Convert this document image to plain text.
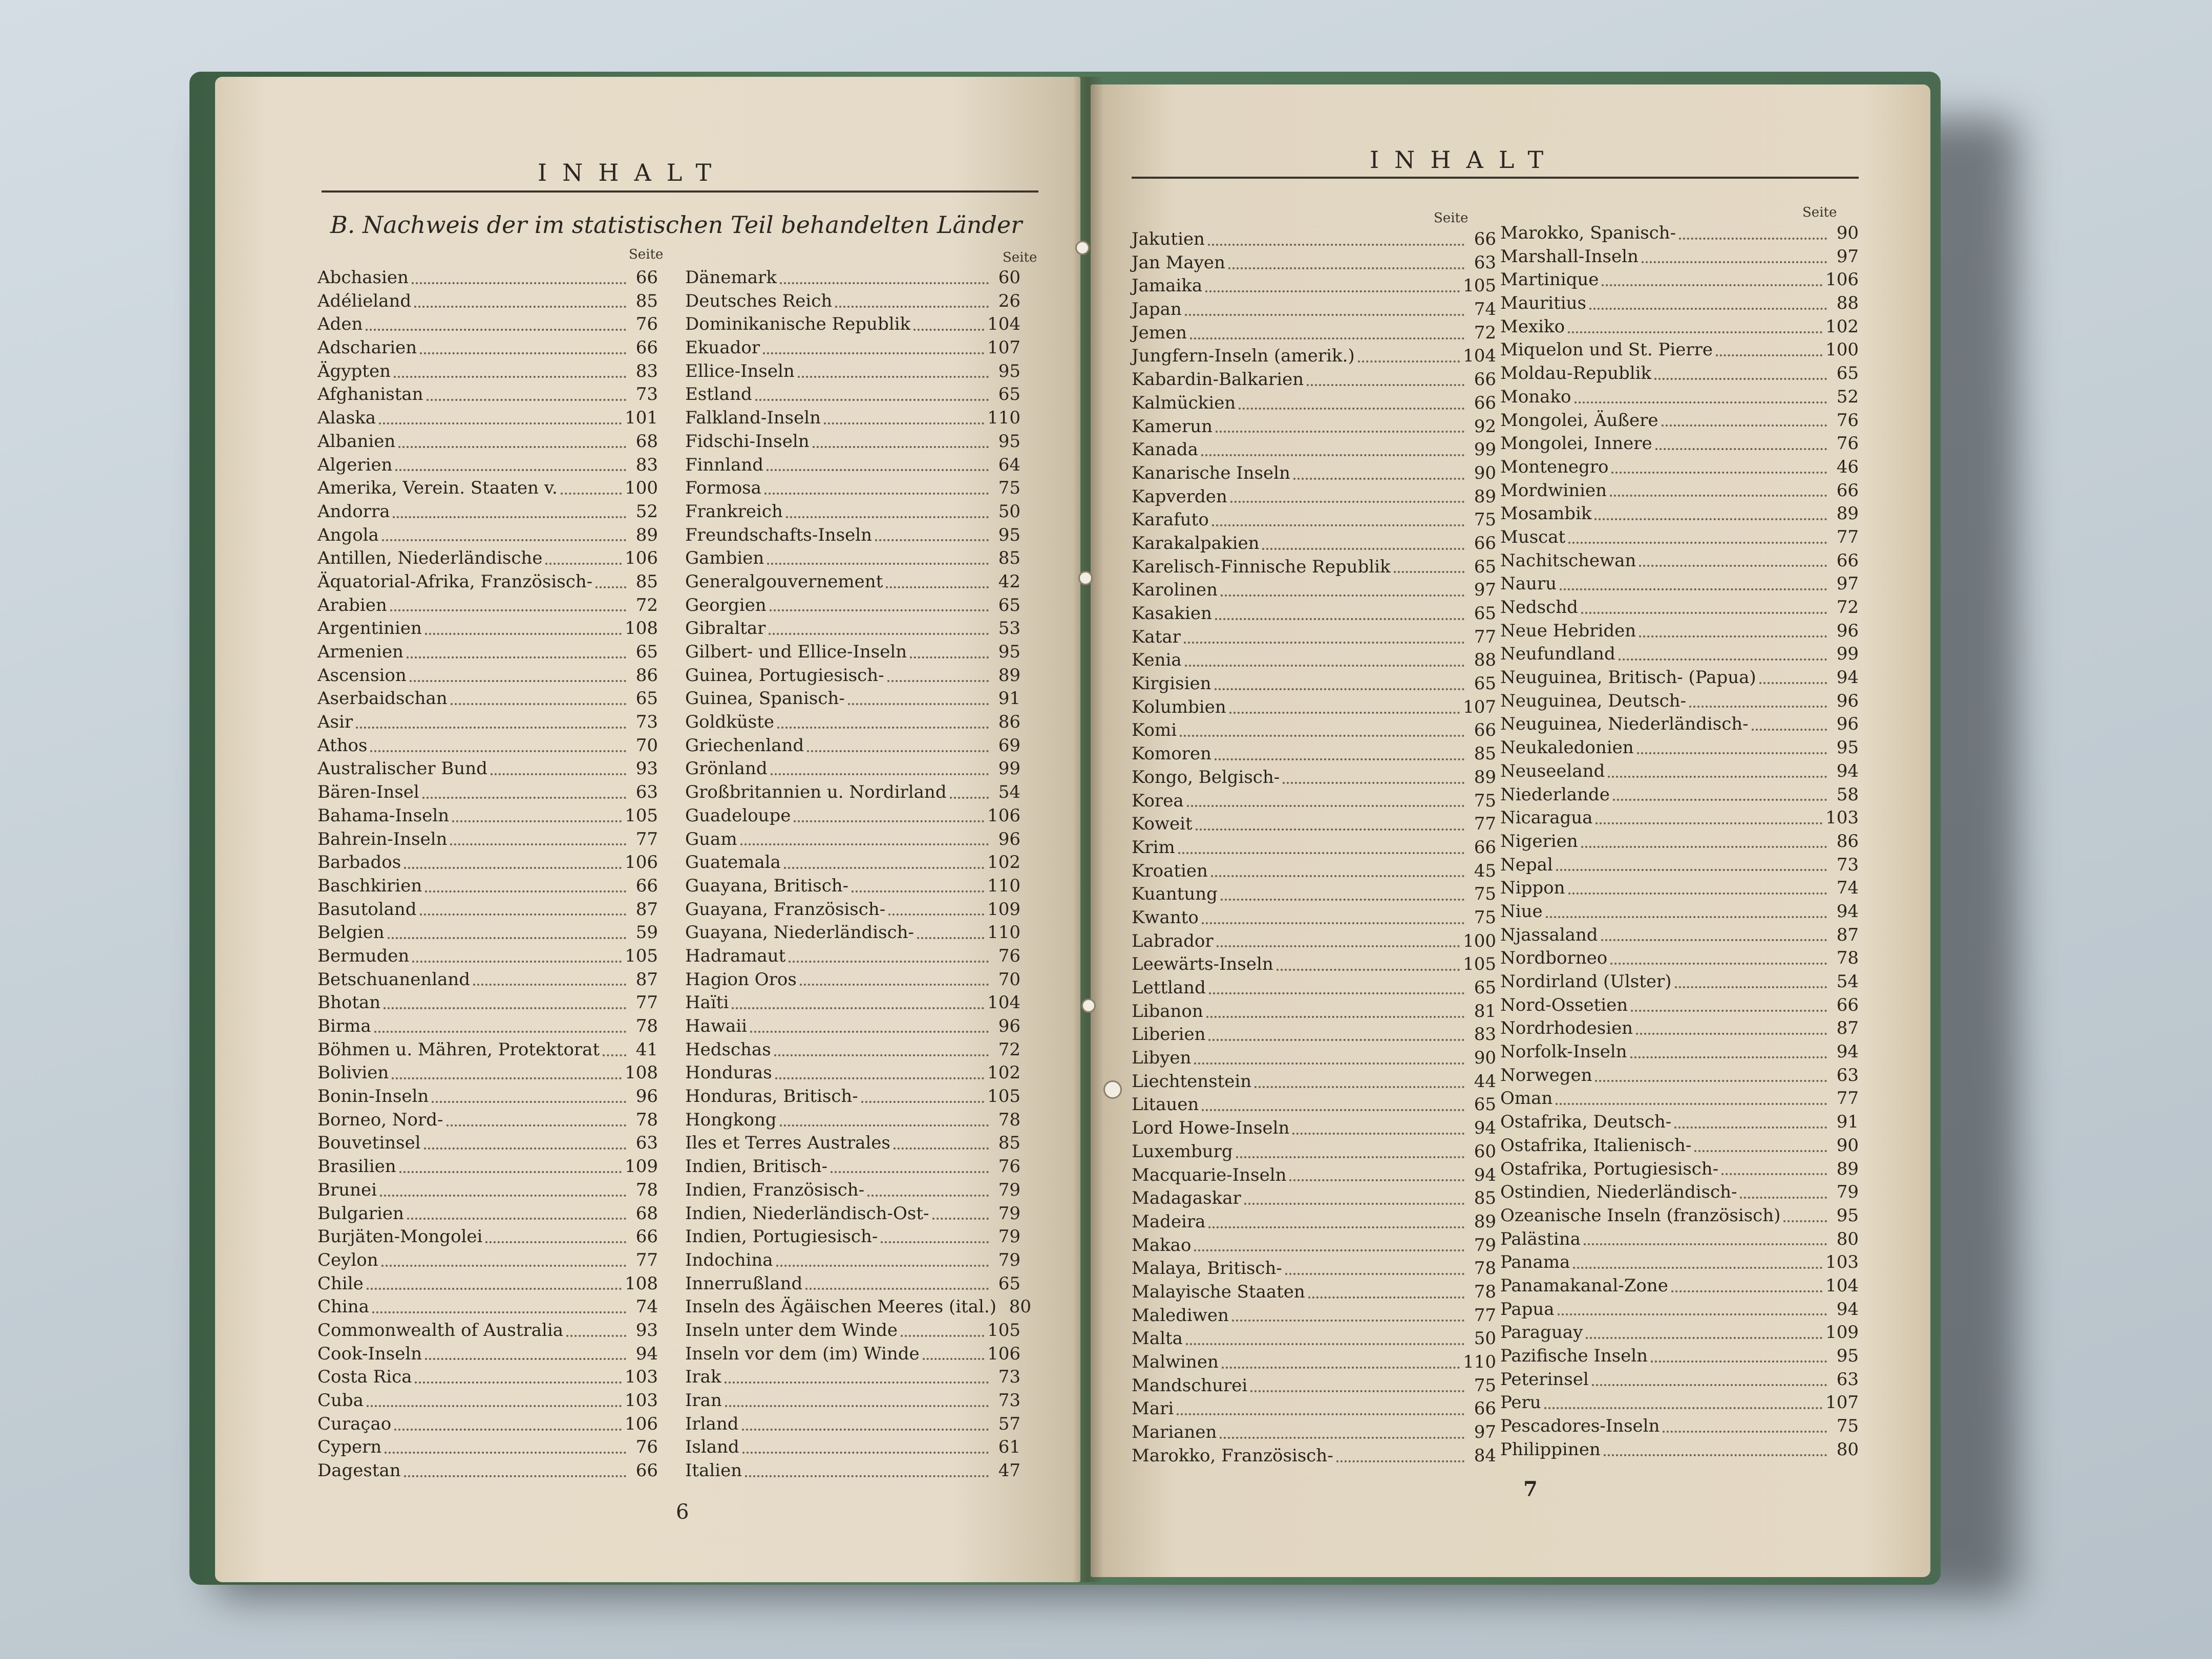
INHALT
B. Nachweis der im statistischen Teil behandelten Länder
Seite	Seite
Abchasien	66
Adélieland	85
Aden	76
Adscharien	66
Ägypten	83
Afghanistan	73
Alaska	101
Albanien	68
Algerien	83
Amerika, Verein. Staaten v.	100
Andorra	52
Angola	89
Antillen, Niederländische	106
Äquatorial-Afrika, Französisch-	85
Arabien	72
Argentinien	108
Armenien	65
Ascension	86
Aserbaidschan	65
Asir	73
Athos	70
Australischer Bund	93
Bären-Insel	63
Bahama-Inseln	105
Bahrein-Inseln	77
Barbados	106
Baschkirien	66
Basutoland	87
Belgien	59
Bermuden	105
Betschuanenland	87
Bhotan	77
Birma	78
Böhmen u. Mähren, Protektorat	41
Bolivien	108
Bonin-Inseln	96
Borneo, Nord-	78
Bouvetinsel	63
Brasilien	109
Brunei	78
Bulgarien	68
Burjäten-Mongolei	66
Ceylon	77
Chile	108
China	74
Commonwealth of Australia	93
Cook-Inseln	94
Costa Rica	103
Cuba	103
Curaçao	106
Cypern	76
Dagestan	66
Dänemark	60
Deutsches Reich	26
Dominikanische Republik	104
Ekuador	107
Ellice-Inseln	95
Estland	65
Falkland-Inseln	110
Fidschi-Inseln	95
Finnland	64
Formosa	75
Frankreich	50
Freundschafts-Inseln	95
Gambien	85
Generalgouvernement	42
Georgien	65
Gibraltar	53
Gilbert- und Ellice-Inseln	95
Guinea, Portugiesisch-	89
Guinea, Spanisch-	91
Goldküste	86
Griechenland	69
Grönland	99
Großbritannien u. Nordirland	54
Guadeloupe	106
Guam	96
Guatemala	102
Guayana, Britisch-	110
Guayana, Französisch-	109
Guayana, Niederländisch-	110
Hadramaut	76
Hagion Oros	70
Haïti	104
Hawaii	96
Hedschas	72
Honduras	102
Honduras, Britisch-	105
Hongkong	78
Iles et Terres Australes	85
Indien, Britisch-	76
Indien, Französisch-	79
Indien, Niederländisch-Ost-	79
Indien, Portugiesisch-	79
Indochina	79
Innerrußland	65
Inseln des Ägäischen Meeres (ital.) 80
Inseln unter dem Winde	105
Inseln vor dem (im) Winde	106
Irak	73
Iran	73
Irland	57
Island	61
Italien	47
6
INHALT
Seite	Seite
Jakutien	66
Jan Mayen	63
Jamaika	105
Japan	74
Jemen	72
Jungfern-Inseln (amerik.)	104
Kabardin-Balkarien	66
Kalmückien	66
Kamerun	92
Kanada	99
Kanarische Inseln	90
Kapverden	89
Karafuto	75
Karakalpakien	66
Karelisch-Finnische Republik	65
Karolinen	97
Kasakien	65
Katar	77
Kenia	88
Kirgisien	65
Kolumbien	107
Komi	66
Komoren	85
Kongo, Belgisch-	89
Korea	75
Koweit	77
Krim	66
Kroatien	45
Kuantung	75
Kwanto	75
Labrador	100
Leewärts-Inseln	105
Lettland	65
Libanon	81
Liberien	83
Libyen	90
Liechtenstein	44
Litauen	65
Lord Howe-Inseln	94
Luxemburg	60
Macquarie-Inseln	94
Madagaskar	85
Madeira	89
Makao	79
Malaya, Britisch-	78
Malayische Staaten	78
Malediwen	77
Malta	50
Malwinen	110
Mandschurei	75
Mari	66
Marianen	97
Marokko, Französisch-	84
Marokko, Spanisch-	90
Marshall-Inseln	97
Martinique	106
Mauritius	88
Mexiko	102
Miquelon und St. Pierre	100
Moldau-Republik	65
Monako	52
Mongolei, Äußere	76
Mongolei, Innere	76
Montenegro	46
Mordwinien	66
Mosambik	89
Muscat	77
Nachitschewan	66
Nauru	97
Nedschd	72
Neue Hebriden	96
Neufundland	99
Neuguinea, Britisch- (Papua)	94
Neuguinea, Deutsch-	96
Neuguinea, Niederländisch-	96
Neukaledonien	95
Neuseeland	94
Niederlande	58
Nicaragua	103
Nigerien	86
Nepal	73
Nippon	74
Niue	94
Njassaland	87
Nordborneo	78
Nordirland (Ulster)	54
Nord-Ossetien	66
Nordrhodesien	87
Norfolk-Inseln	94
Norwegen	63
Oman	77
Ostafrika, Deutsch-	91
Ostafrika, Italienisch-	90
Ostafrika, Portugiesisch-	89
Ostindien, Niederländisch-	79
Ozeanische Inseln (französisch)	95
Palästina	80
Panama	103
Panamakanal-Zone	104
Papua	94
Paraguay	109
Pazifische Inseln	95
Peterinsel	63
Peru	107
Pescadores-Inseln	75
Philippinen	80
7
